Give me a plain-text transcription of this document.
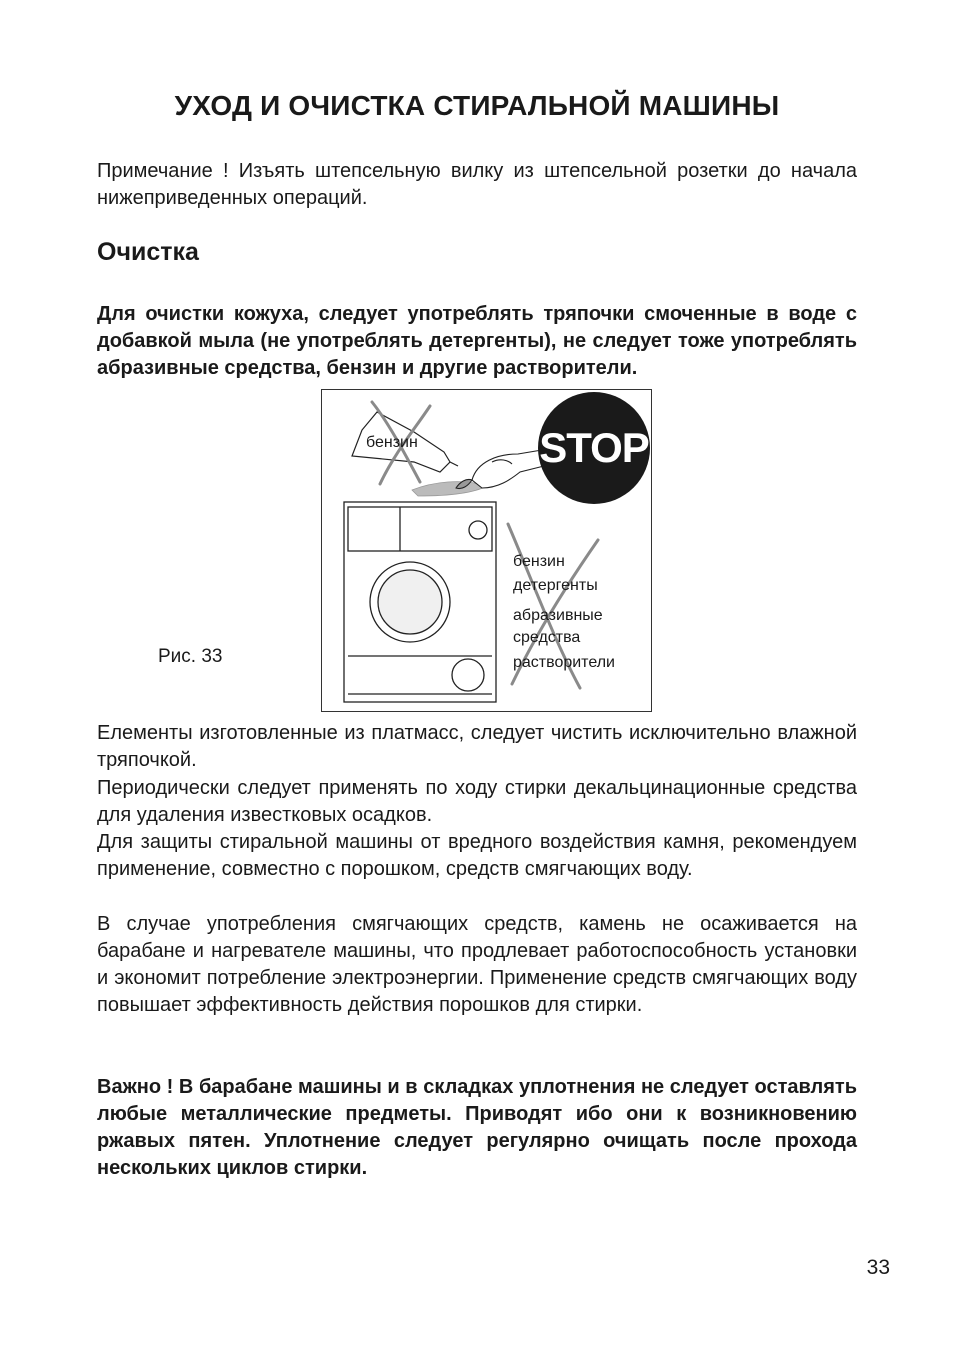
УХОД И ОЧИСТКА СТИРАЛЬНОЙ МАШИНЫ
Примечание ! Изъять штепсельную вилку из штепсельной розетки до начала нижеприведенных операций.
Очистка
Для очистки кожуха, следует употреблять тряпочки смоченные в воде с добавкой мыла (не употреблять детергенты), не следует тоже употреблять абразивные средства, бензин и другие растворители.
Рис. 33
бензин	STOP
бензин
детергенты
абразивные
средства
растворители
Елементы изготовленные из платмасс, следует чистить исключительно влажной тряпочкой.
Периодически следует применять по ходу стирки декальцинационные средства для удаления известковых осадков.
Для защиты стиральной машины от вредного воздействия камня, рекомендуем применение, совместно с порошком, средств смягчающих воду.
В случае употребления смягчающих средств, камень не осаживается на барабане и нагревателе машины, что продлевает работоспособность установки и экономит потребление электроэнергии. Применение средств смягчающих воду повышает эффективность действия порошков для стирки.
Важно ! В барабане машины и в складках уплотнения не следует оставлять любые металлические предметы. Приводят ибо они к возникновению ржавых пятен. Уплотнение следует регулярно очищать после прохода нескольких циклов стирки.
33
